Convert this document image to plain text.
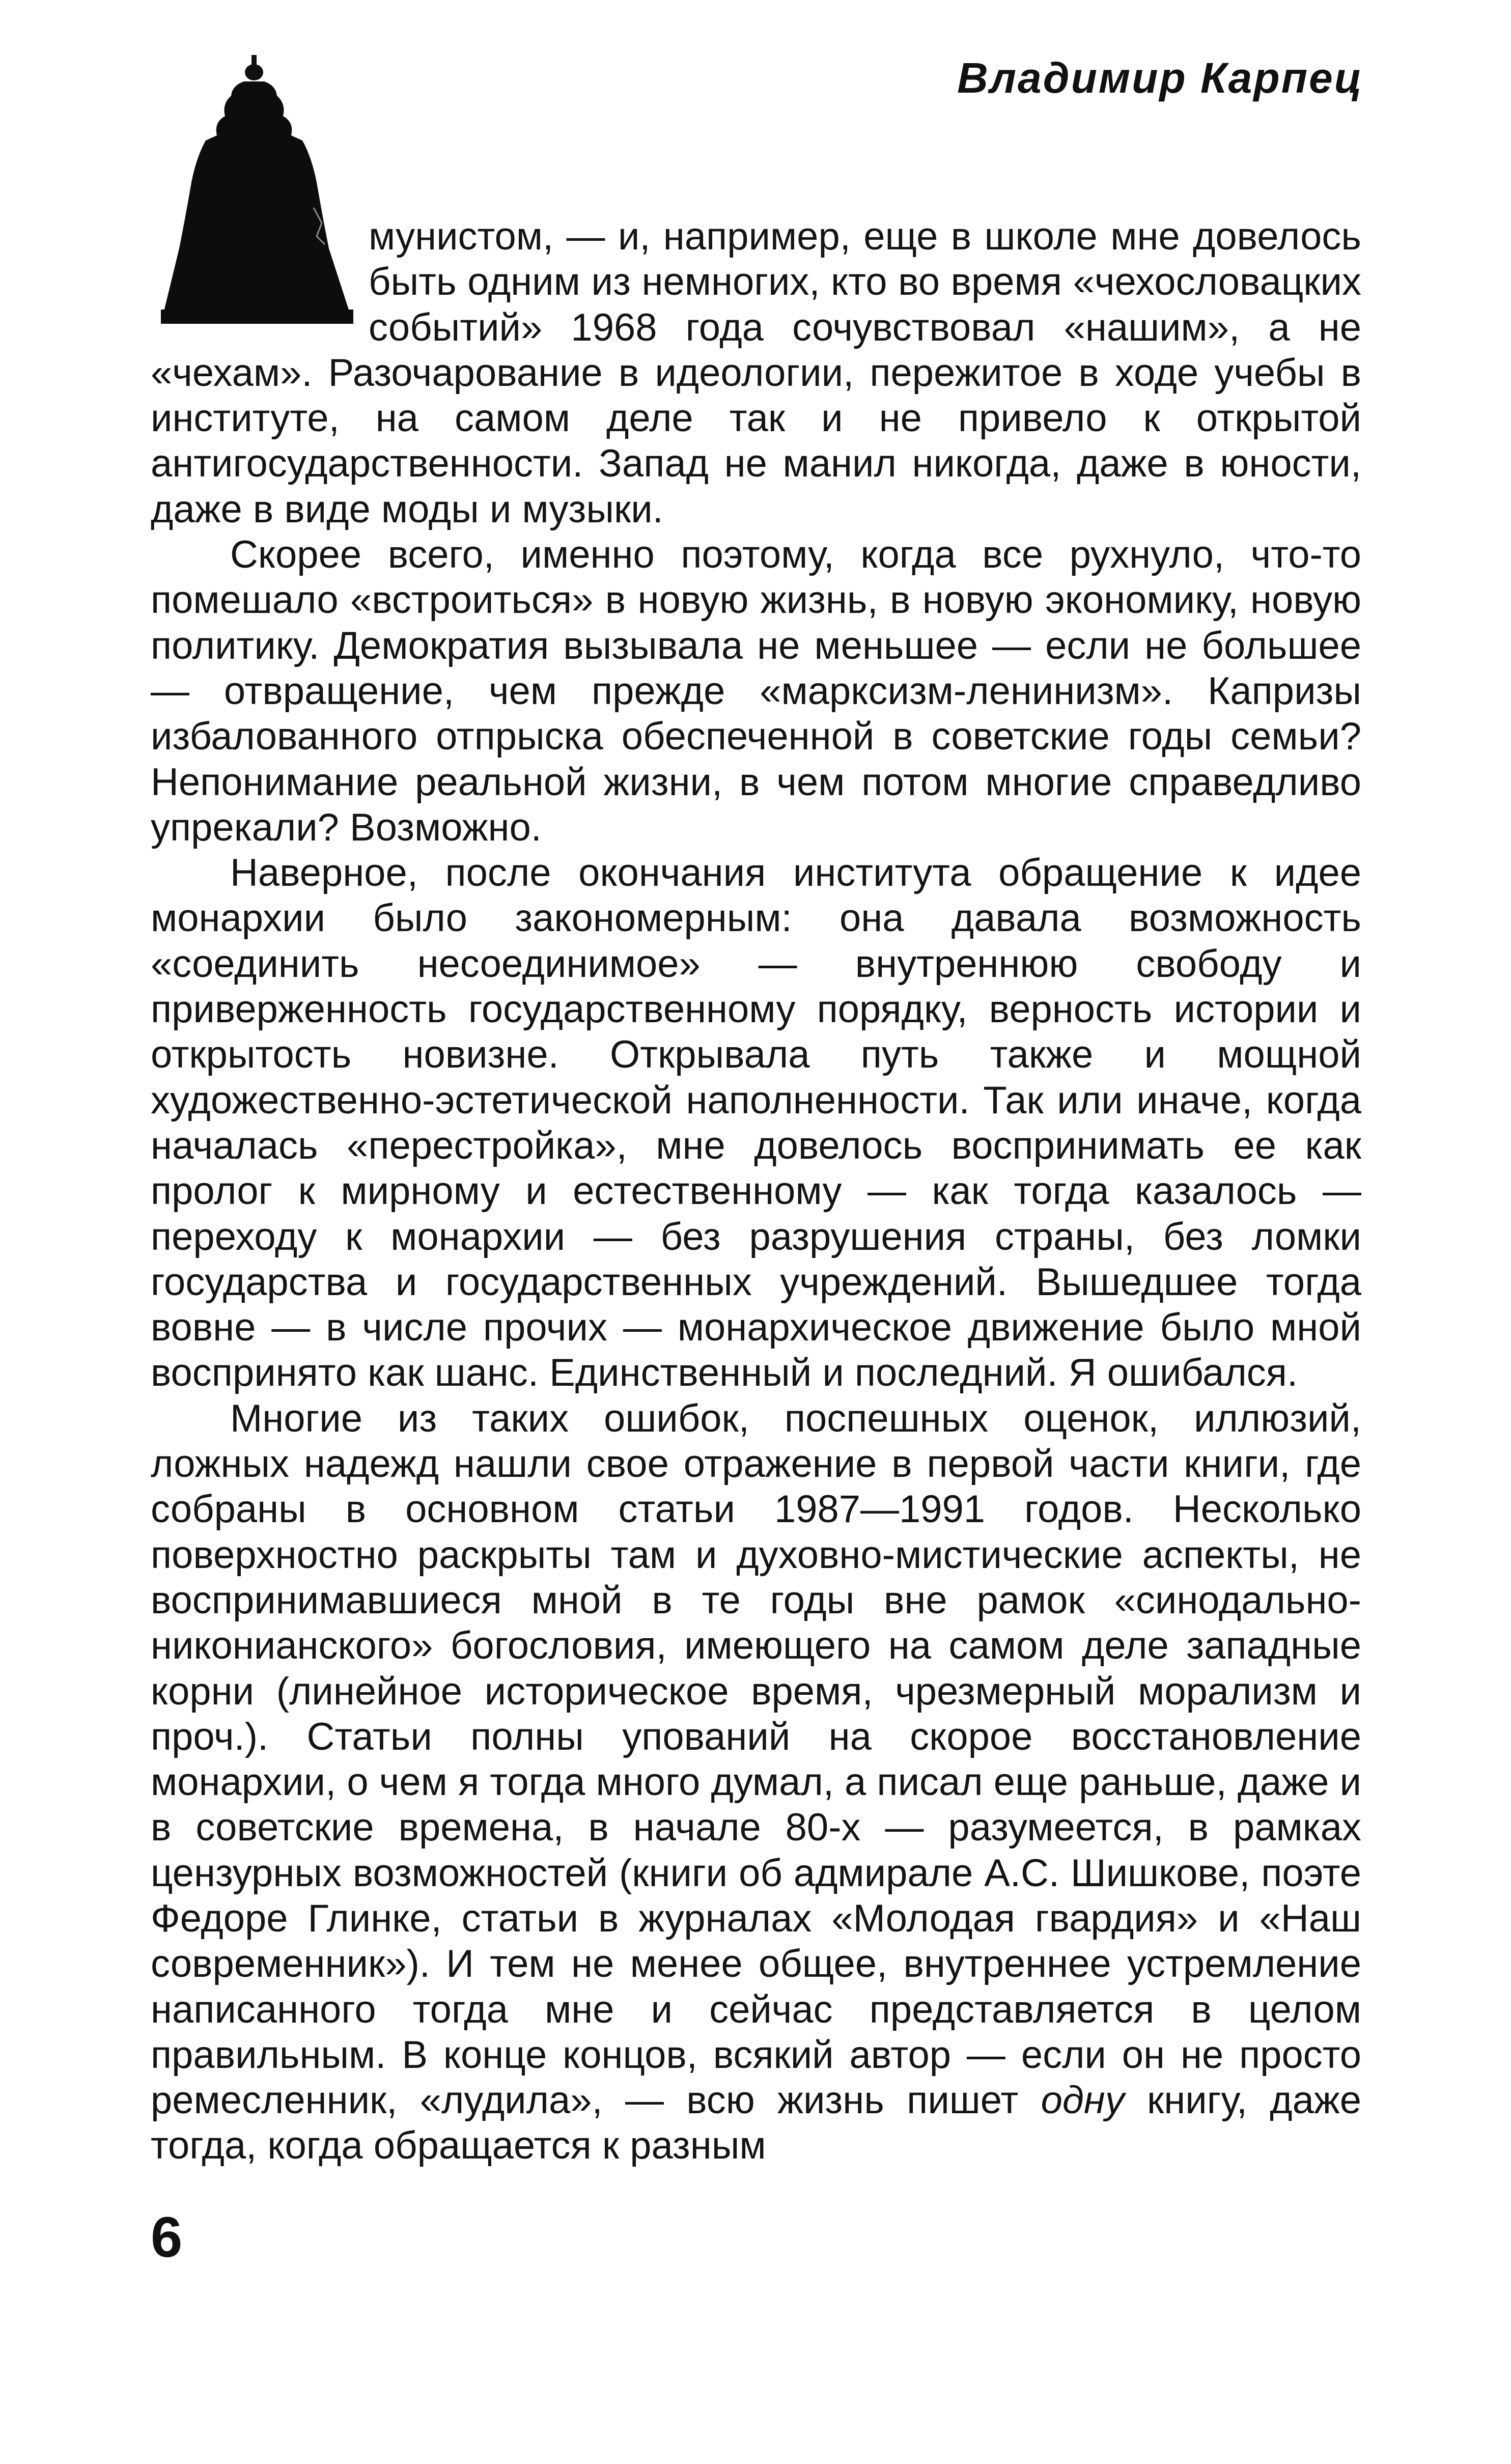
Владимир Карпец

мунистом, — и, например, еще в школе мне довелось быть одним из немногих, кто во время «чехословацких событий» 1968 года сочувствовал «нашим», а не «чехам». Разочарование в идеологии, пережитое в ходе учебы в институте, на самом деле так и не привело к открытой антигосударственности. Запад не манил никогда, даже в юности, даже в виде моды и музыки.

Скорее всего, именно поэтому, когда все рухнуло, что-то помешало «встроиться» в новую жизнь, в новую экономику, новую политику. Демократия вызывала не меньшее — если не большее — отвращение, чем прежде «марксизм-ленинизм». Капризы избалованного отпрыска обеспеченной в советские годы семьи? Непонимание реальной жизни, в чем потом многие справедливо упрекали? Возможно.

Наверное, после окончания института обращение к идее монархии было закономерным: она давала возможность «соединить несоединимое» — внутреннюю свободу и приверженность государственному порядку, верность истории и открытость новизне. Открывала путь также и мощной художественно-эстетической наполненности. Так или иначе, когда началась «перестройка», мне довелось воспринимать ее как пролог к мирному и естественному — как тогда казалось — переходу к монархии — без разрушения страны, без ломки государства и государственных учреждений. Вышедшее тогда вовне — в числе прочих — монархическое движение было мной воспринято как шанс. Единственный и последний. Я ошибался.

Многие из таких ошибок, поспешных оценок, иллюзий, ложных надежд нашли свое отражение в первой части книги, где собраны в основном статьи 1987—1991 годов. Несколько поверхностно раскрыты там и духовно-мистические аспекты, не воспринимавшиеся мной в те годы вне рамок «синодально-никонианского» богословия, имеющего на самом деле западные корни (линейное историческое время, чрезмерный морализм и проч.). Статьи полны упований на скорое восстановление монархии, о чем я тогда много думал, а писал еще раньше, даже и в советские времена, в начале 80-х — разумеется, в рамках цензурных возможностей (книги об адмирале А.С. Шишкове, поэте Федоре Глинке, статьи в журналах «Молодая гвардия» и «Наш современник»). И тем не менее общее, внутреннее устремление написанного тогда мне и сейчас представляется в целом правильным. В конце концов, всякий автор — если он не просто ремесленник, «лудила», — всю жизнь пишет одну книгу, даже тогда, когда обращается к разным

6
